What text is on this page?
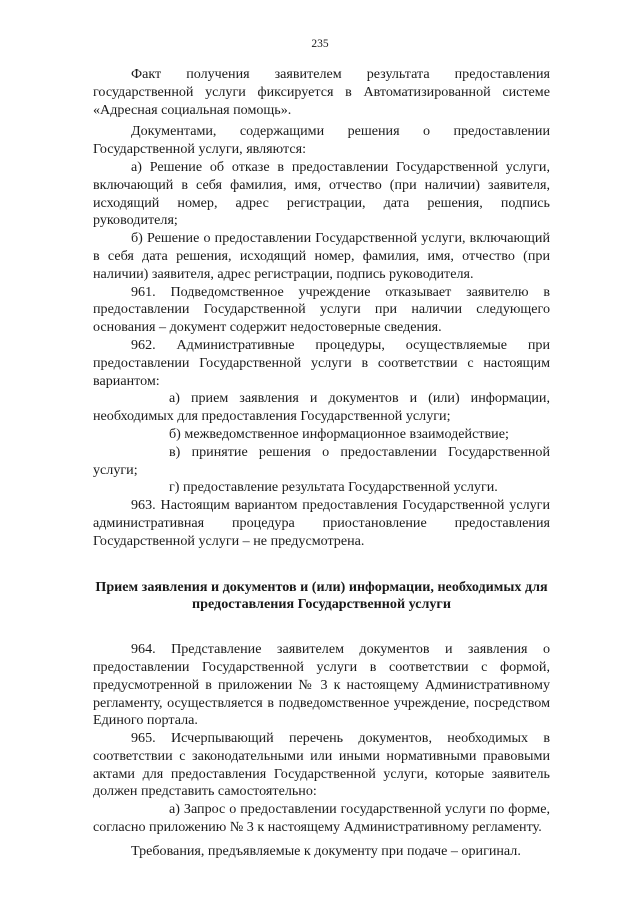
235

Факт получения заявителем результата предоставления государственной услуги фиксируется в Автоматизированной системе «Адресная социальная помощь».

Документами, содержащими решения о предоставлении Государственной услуги, являются:

а) Решение об отказе в предоставлении Государственной услуги, включающий в себя фамилия, имя, отчество (при наличии) заявителя, исходящий номер, адрес регистрации, дата решения, подпись руководителя;

б) Решение о предоставлении Государственной услуги, включающий в себя дата решения, исходящий номер, фамилия, имя, отчество (при наличии) заявителя, адрес регистрации, подпись руководителя.

961. Подведомственное учреждение отказывает заявителю в предоставлении Государственной услуги при наличии следующего основания – документ содержит недостоверные сведения.

962. Административные процедуры, осуществляемые при предоставлении Государственной услуги в соответствии с настоящим вариантом:

а) прием заявления и документов и (или) информации, необходимых для предоставления Государственной услуги;

б) межведомственное информационное взаимодействие;

в) принятие решения о предоставлении Государственной услуги;

г) предоставление результата Государственной услуги.

963. Настоящим вариантом предоставления Государственной услуги административная процедура приостановление предоставления Государственной услуги – не предусмотрена.

Прием заявления и документов и (или) информации, необходимых для предоставления Государственной услуги

964. Представление заявителем документов и заявления о предоставлении Государственной услуги в соответствии с формой, предусмотренной в приложении № 3 к настоящему Административному регламенту, осуществляется в подведомственное учреждение, посредством Единого портала.

965. Исчерпывающий перечень документов, необходимых в соответствии с законодательными или иными нормативными правовыми актами для предоставления Государственной услуги, которые заявитель должен представить самостоятельно:

а) Запрос о предоставлении государственной услуги по форме, согласно приложению № 3 к настоящему Административному регламенту.

Требования, предъявляемые к документу при подаче – оригинал.
